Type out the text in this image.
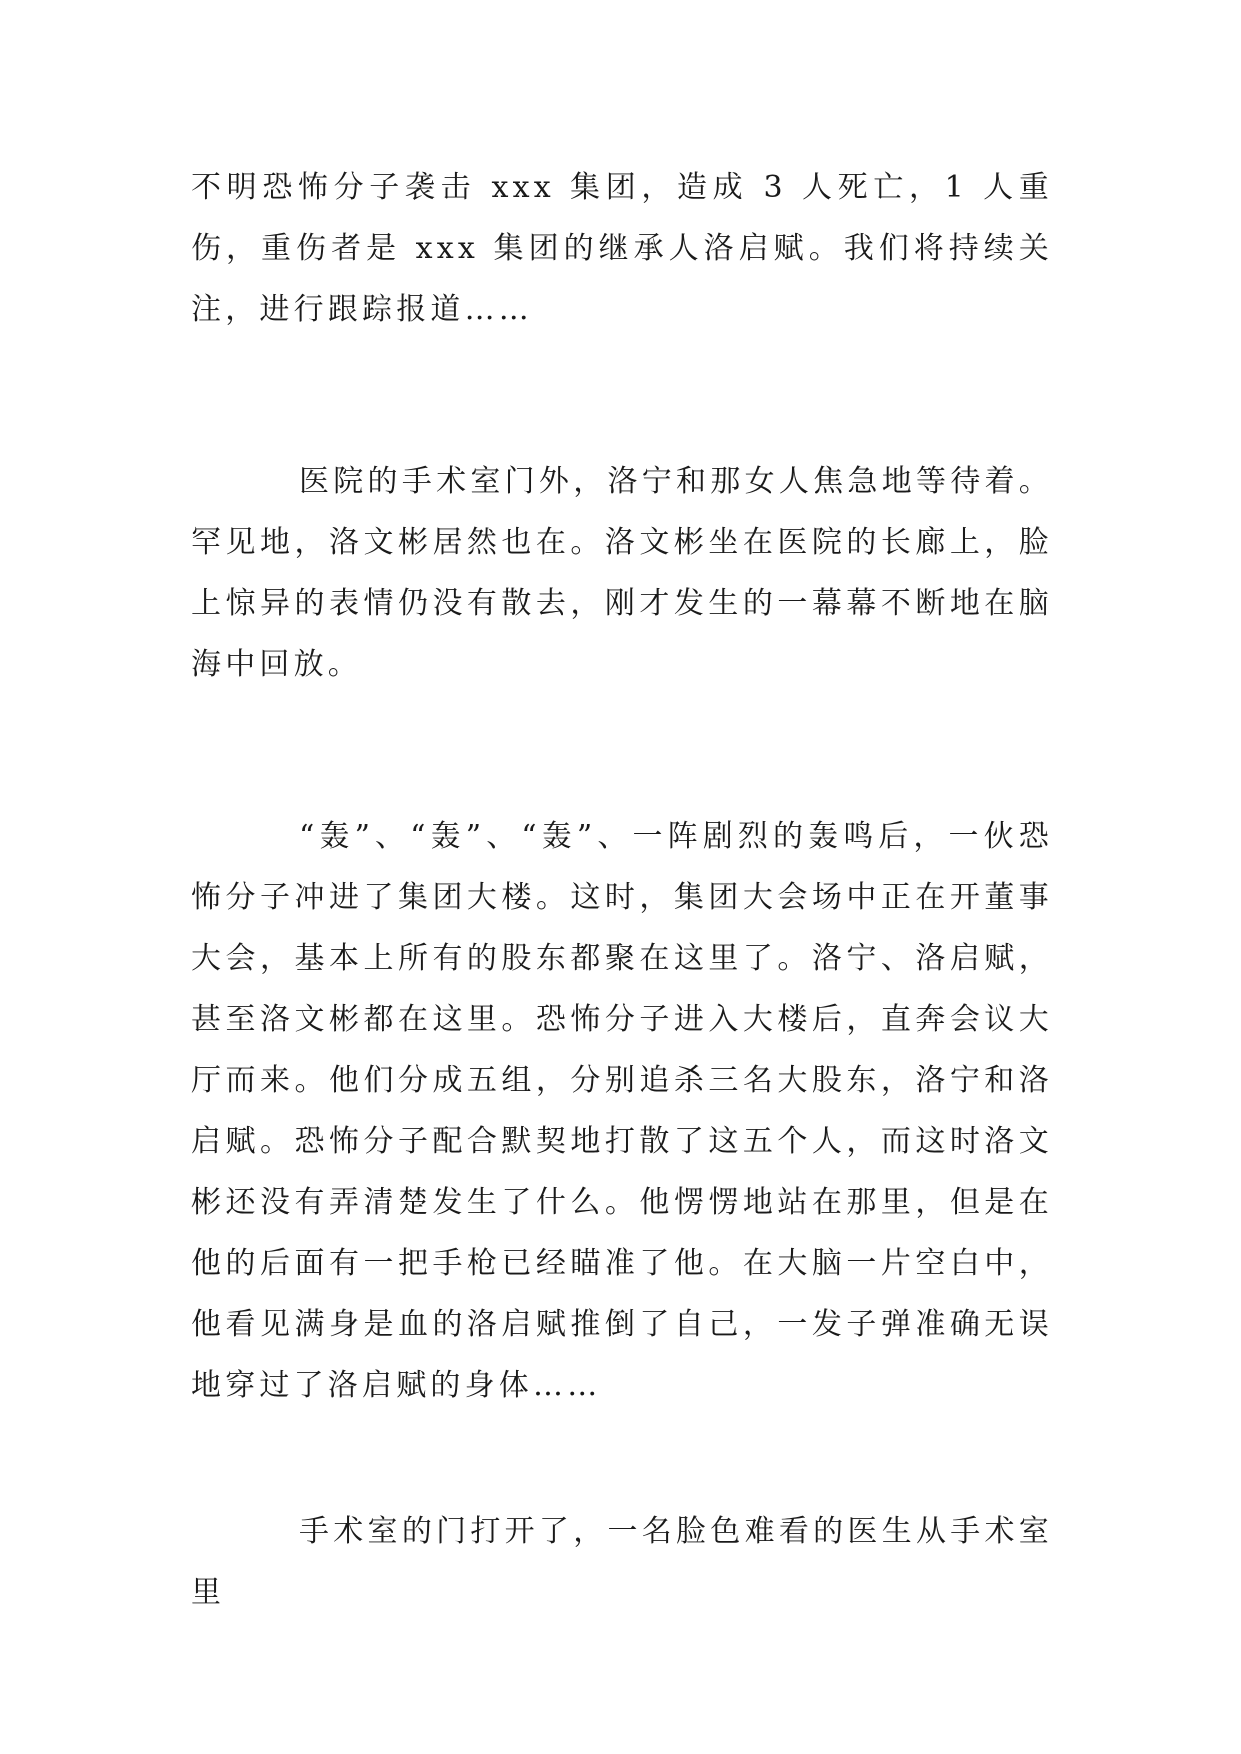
不明恐怖分子袭击 xxx 集团，造成 3 人死亡，1 人重伤，重伤者是 xxx 集团的继承人洛启赋。我们将持续关注，进行跟踪报道……

医院的手术室门外，洛宁和那女人焦急地等待着。罕见地，洛文彬居然也在。洛文彬坐在医院的长廊上，脸上惊异的表情仍没有散去，刚才发生的一幕幕不断地在脑海中回放。

“轰”、“轰”、“轰”、一阵剧烈的轰鸣后，一伙恐怖分子冲进了集团大楼。这时，集团大会场中正在开董事大会，基本上所有的股东都聚在这里了。洛宁、洛启赋，甚至洛文彬都在这里。恐怖分子进入大楼后，直奔会议大厅而来。他们分成五组，分别追杀三名大股东，洛宁和洛启赋。恐怖分子配合默契地打散了这五个人，而这时洛文彬还没有弄清楚发生了什么。他愣愣地站在那里，但是在他的后面有一把手枪已经瞄准了他。在大脑一片空白中，他看见满身是血的洛启赋推倒了自己，一发子弹准确无误地穿过了洛启赋的身体……

手术室的门打开了，一名脸色难看的医生从手术室里
